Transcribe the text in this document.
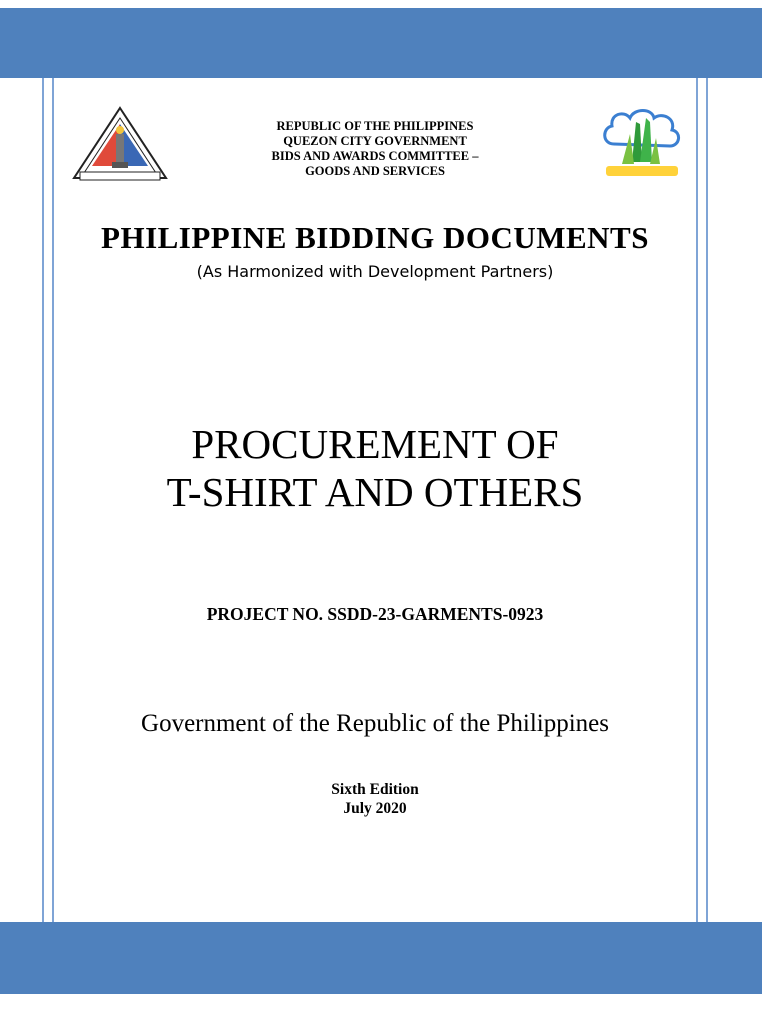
REPUBLIC OF THE PHILIPPINES
QUEZON CITY GOVERNMENT
BIDS AND AWARDS COMMITTEE –
GOODS AND SERVICES
PHILIPPINE BIDDING DOCUMENTS
(As Harmonized with Development Partners)
PROCUREMENT OF
T-SHIRT AND OTHERS
PROJECT NO. SSDD-23-GARMENTS-0923
Government of the Republic of the Philippines
Sixth Edition
July 2020
